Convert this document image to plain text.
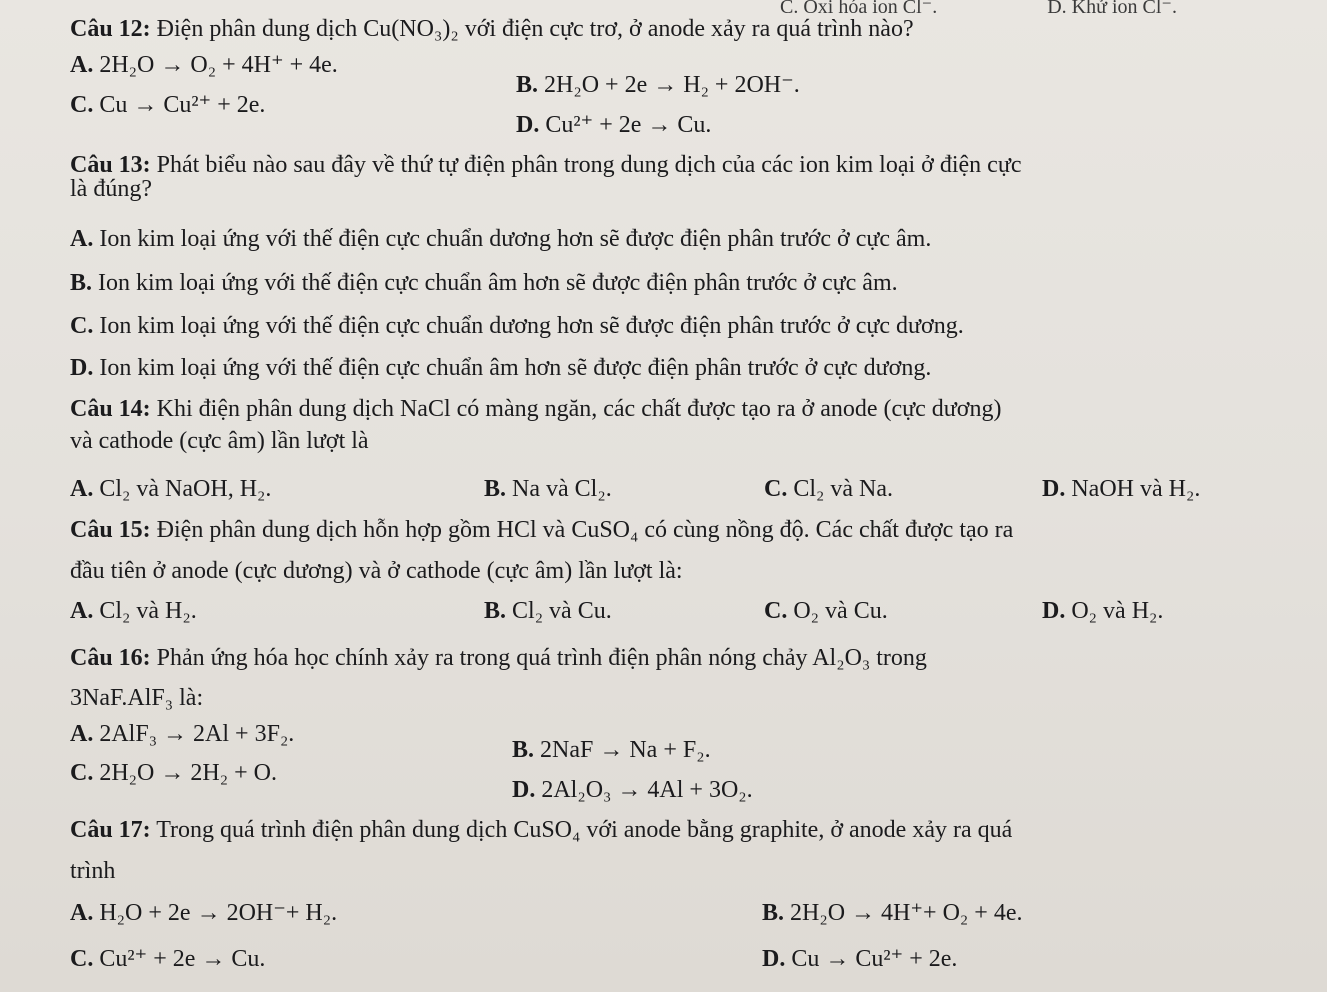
C. Oxi hóa ion Cl⁻.	D. Khử ion Cl⁻.
Câu 12: Điện phân dung dịch Cu(NO₃)₂ với điện cực trơ, ở anode xảy ra quá trình nào?
A. 2H₂O → O₂ + 4H⁺ + 4e.
B. 2H₂O + 2e → H₂ + 2OH⁻.
C. Cu → Cu²⁺ + 2e.
D. Cu²⁺ + 2e → Cu.
Câu 13: Phát biểu nào sau đây về thứ tự điện phân trong dung dịch của các ion kim loại ở điện cực
là đúng?
A. Ion kim loại ứng với thế điện cực chuẩn dương hơn sẽ được điện phân trước ở cực âm.
B. Ion kim loại ứng với thế điện cực chuẩn âm hơn sẽ được điện phân trước ở cực âm.
C. Ion kim loại ứng với thế điện cực chuẩn dương hơn sẽ được điện phân trước ở cực dương.
D. Ion kim loại ứng với thế điện cực chuẩn âm hơn sẽ được điện phân trước ở cực dương.
Câu 14: Khi điện phân dung dịch NaCl có màng ngăn, các chất được tạo ra ở anode (cực dương)
và cathode (cực âm) lần lượt là
A. Cl₂ và NaOH, H₂.	B. Na và Cl₂.	C. Cl₂ và Na.	D. NaOH và H₂.
Câu 15: Điện phân dung dịch hỗn hợp gồm HCl và CuSO₄ có cùng nồng độ. Các chất được tạo ra
đầu tiên ở anode (cực dương) và ở cathode (cực âm) lần lượt là:
A. Cl₂ và H₂.	B. Cl₂ và Cu.	C. O₂ và Cu.	D. O₂ và H₂.
Câu 16: Phản ứng hóa học chính xảy ra trong quá trình điện phân nóng chảy Al₂O₃ trong
3NaF.AlF₃ là:
A. 2AlF₃ → 2Al + 3F₂.
B. 2NaF → Na + F₂.
C. 2H₂O → 2H₂ + O.
D. 2Al₂O₃ → 4Al + 3O₂.
Câu 17: Trong quá trình điện phân dung dịch CuSO₄ với anode bằng graphite, ở anode xảy ra quá
trình
A. H₂O + 2e → 2OH⁻+ H₂.	B. 2H₂O → 4H⁺+ O₂ + 4e.
C. Cu²⁺ + 2e → Cu.	D. Cu → Cu²⁺ + 2e.
